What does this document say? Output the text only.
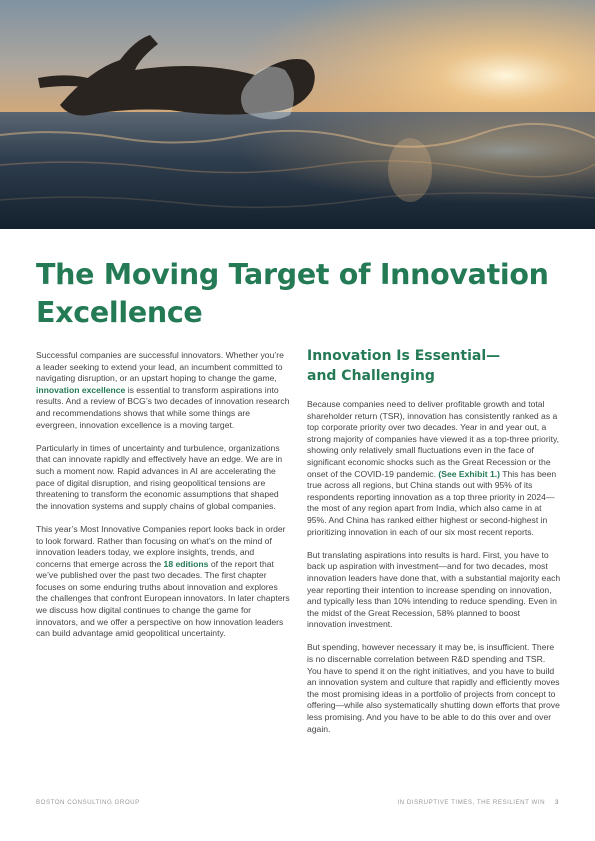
The Moving Target of Innovation Excellence

Successful companies are successful innovators. Whether you’re a leader seeking to extend your lead, an incumbent committed to navigating disruption, or an upstart hoping to change the game, innovation excellence is essential to transform aspirations into results. And a review of BCG’s two decades of innovation research and recommendations shows that while some things are evergreen, innovation excellence is a moving target.

Particularly in times of uncertainty and turbulence, organizations that can innovate rapidly and effectively have an edge. We are in such a moment now. Rapid advances in AI are accelerating the pace of digital disruption, and rising geopolitical tensions are threatening to transform the economic assumptions that shaped the innovation systems and supply chains of global companies.

This year’s Most Innovative Companies report looks back in order to look forward. Rather than focusing on what’s on the mind of innovation leaders today, we explore insights, trends, and concerns that emerge across the 18 editions of the report that we’ve published over the past two decades. The first chapter focuses on some enduring truths about innovation and explores the challenges that confront European innovators. In later chapters we discuss how digital continues to change the game for innovators, and we offer a perspective on how innovation leaders can build advantage amid geopolitical uncertainty.

Innovation Is Essential—
and Challenging

Because companies need to deliver profitable growth and total shareholder return (TSR), innovation has consistently ranked as a top corporate priority over two decades. Year in and year out, a strong majority of companies have viewed it as a top-three priority, showing only relatively small fluctuations even in the face of significant economic shocks such as the Great Recession or the onset of the COVID-19 pandemic. (See Exhibit 1.) This has been true across all regions, but China stands out with 95% of its respondents reporting innovation as a top three priority in 2024—the most of any region apart from India, which also came in at 95%. And China has ranked either highest or second-highest in prioritizing innovation in each of our six most recent reports.

But translating aspirations into results is hard. First, you have to back up aspiration with investment—and for two decades, most innovation leaders have done that, with a substantial majority each year reporting their intention to increase spending on innovation, and typically less than 10% intending to reduce spending. Even in the midst of the Great Recession, 58% planned to boost innovation investment.

But spending, however necessary it may be, is insufficient. There is no discernable correlation between R&D spending and TSR. You have to spend it on the right initiatives, and you have to build an innovation system and culture that rapidly and efficiently moves the most promising ideas in a portfolio of projects from concept to offering—while also systematically shutting down efforts that prove less promising. And you have to be able to do this over and over again.

BOSTON CONSULTING GROUP	IN DISRUPTIVE TIMES, THE RESILIENT WIN 3
